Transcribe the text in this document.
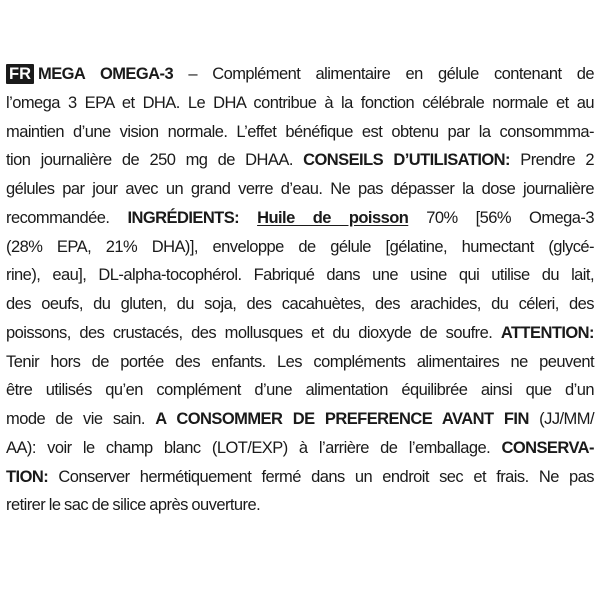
FR MEGA OMEGA-3 – Complément alimentaire en gélule contenant de
l’omega 3 EPA et DHA. Le DHA contribue à la fonction célébrale normale et au
maintien d’une vision normale. L’effet bénéfique est obtenu par la consommma-
tion journalière de 250 mg de DHAA. CONSEILS D’UTILISATION: Prendre 2
gélules par jour avec un grand verre d’eau. Ne pas dépasser la dose journalière
recommandée. INGRÉDIENTS: Huile de poisson 70% [56% Omega-3
(28% EPA, 21% DHA)], enveloppe de gélule [gélatine, humectant (glycé-
rine), eau], DL-alpha-tocophérol. Fabriqué dans une usine qui utilise du lait,
des oeufs, du gluten, du soja, des cacahuètes, des arachides, du céleri, des
poissons, des crustacés, des mollusques et du dioxyde de soufre. ATTENTION:
Tenir hors de portée des enfants. Les compléments alimentaires ne peuvent
être utilisés qu’en complément d’une alimentation équilibrée ainsi que d’un
mode de vie sain. A CONSOMMER DE PREFERENCE AVANT FIN (JJ/MM/
AA): voir le champ blanc (LOT/EXP) à l’arrière de l’emballage. CONSERVA-
TION: Conserver hermétiquement fermé dans un endroit sec et frais. Ne pas
retirer le sac de silice après ouverture.
